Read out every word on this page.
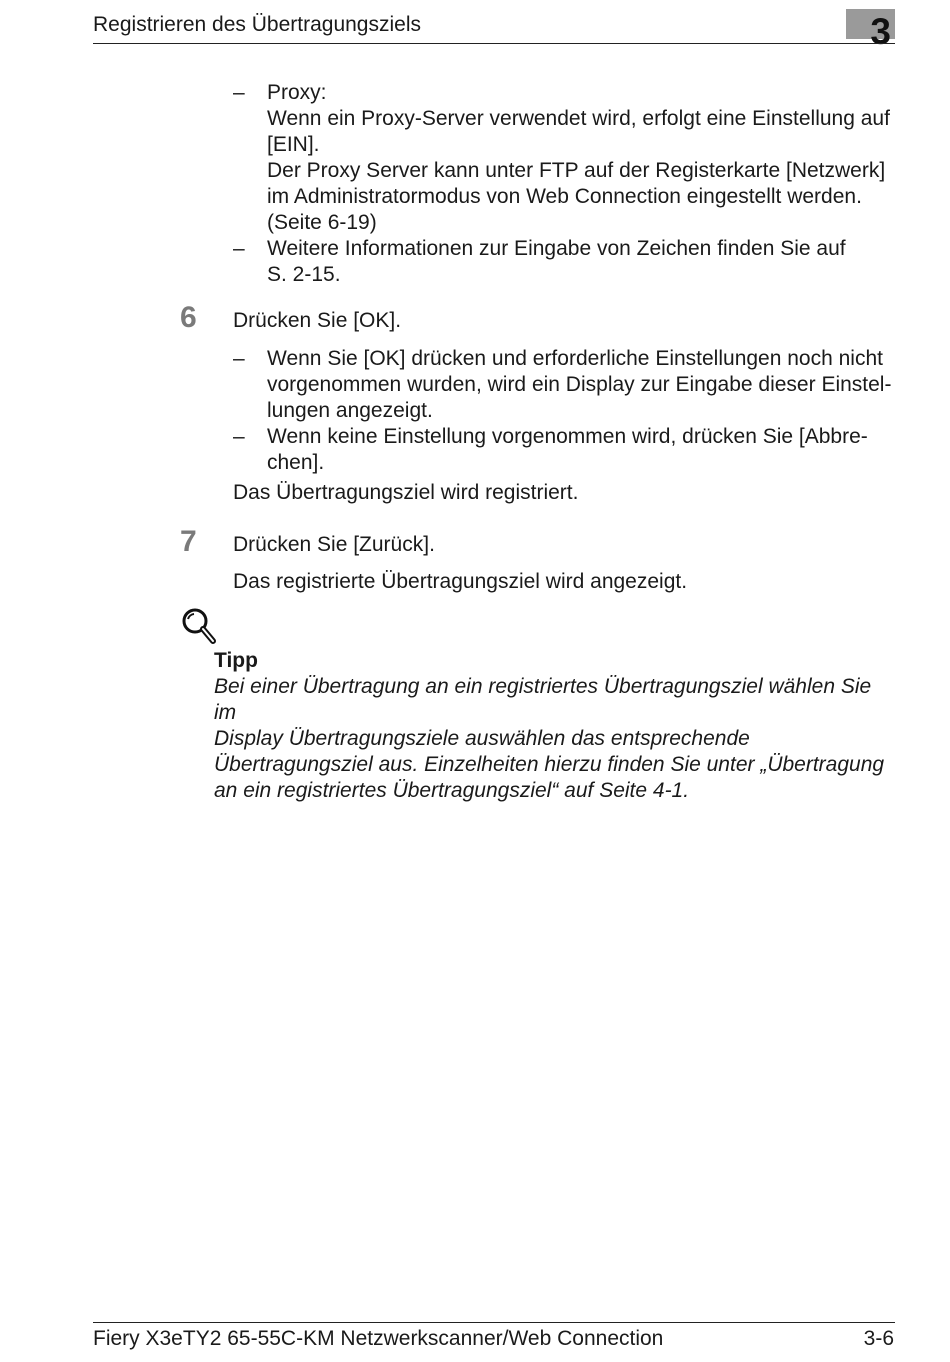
Registrieren des Übertragungsziels	3
– Proxy:
Wenn ein Proxy-Server verwendet wird, erfolgt eine Einstellung auf
[EIN].
Der Proxy Server kann unter FTP auf der Registerkarte [Netzwerk]
im Administratormodus von Web Connection eingestellt werden.
(Seite 6-19)
– Weitere Informationen zur Eingabe von Zeichen finden Sie auf
S. 2-15.
6 Drücken Sie [OK].
– Wenn Sie [OK] drücken und erforderliche Einstellungen noch nicht
vorgenommen wurden, wird ein Display zur Eingabe dieser Einstel-
lungen angezeigt.
– Wenn keine Einstellung vorgenommen wird, drücken Sie [Abbre-
chen].
Das Übertragungsziel wird registriert.
7 Drücken Sie [Zurück].
Das registrierte Übertragungsziel wird angezeigt.
Tipp
Bei einer Übertragung an ein registriertes Übertragungsziel wählen Sie im
Display Übertragungsziele auswählen das entsprechende
Übertragungsziel aus. Einzelheiten hierzu finden Sie unter „Übertragung
an ein registriertes Übertragungsziel“ auf Seite 4-1.
Fiery X3eTY2 65-55C-KM Netzwerkscanner/Web Connection	3-6
